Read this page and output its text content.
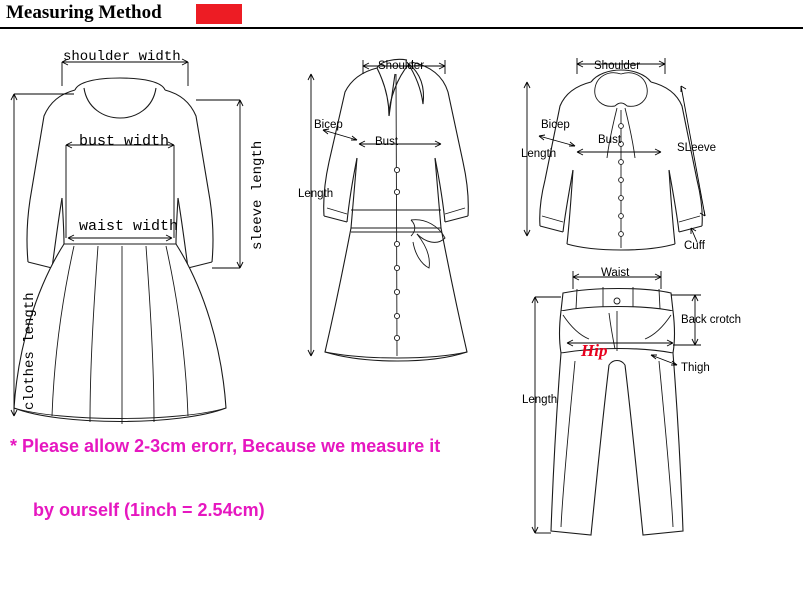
Measuring Method
shoulder width
bust width
waist width	sleeve length
clothes length
Shoulder
Bicep
Bust
Length
Shoulder
Bicep
Bust
Length	SLeeve
Cuff
Waist
Hip
Back crotch
Thigh
Length
* Please allow 2-3cm erorr, Because we measure it
by ourself (1inch = 2.54cm)
